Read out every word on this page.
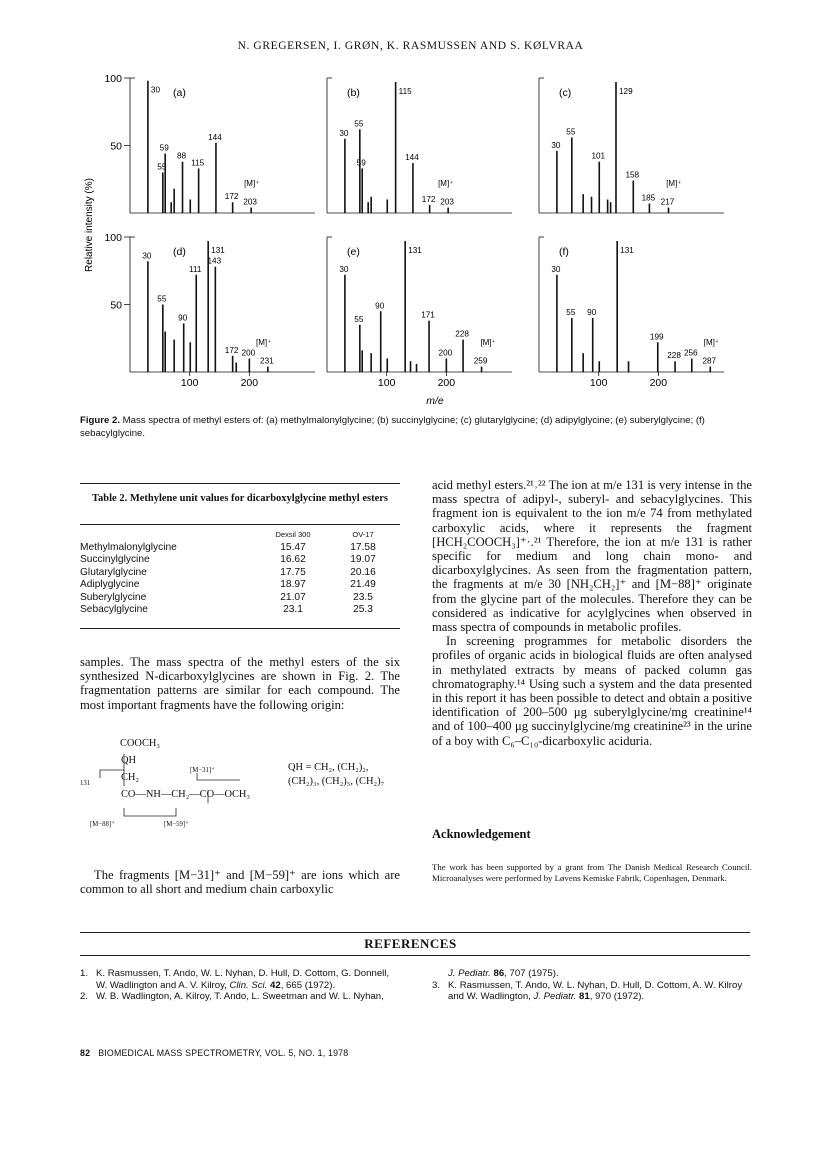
N. GREGERSEN, I. GRØN, K. RASMUSSEN AND S. KØLVRAA
Relative intensity (%)
100
50
(a)
30
55
59
88
115
144
172
203
[M]⁺
(b)
30
55
59
115
144
172 203
[M]⁺
(c)
30
55
101
129
158
185 217
[M]⁺
100
50
(d)
30
55
90
111
131
143
172 200
231
[M]⁺
100	200
(e)
30
55
90
131
171
200
228
259
[M]⁺
100	200
(f)
30
55 90
131
199
228 256
287
[M]⁺
100	200
m/e
Figure 2. Mass spectra of methyl esters of: (a) methylmalonylglycine; (b) succinylglycine; (c) glutarylglycine; (d) adipylglycine; (e) suberylglycine; (f) sebacylglycine.
Table 2. Methylene unit values for dicarboxylglycine methyl esters
	Dexsil 300	OV-17
Methylmalonylglycine	15.47	17.58
Succinylglycine	16.62	19.07
Glutarylglycine	17.75	20.16
Adiplyglycine	18.97	21.49
Suberylglycine	21.07	23.5
Sebacylglycine	23.1	25.3

samples. The mass spectra of the methyl esters of the six synthesized N-dicarboxylglycines are shown in Fig. 2. The fragmentation patterns are similar for each compound. The most important fragments have the following origin:

COOCH₃
QH
CH₂
CO—NH—CH₂—CO—OCH₃
131
[M−31]⁺
[M−88]⁺	[M−59]⁺
QH = CH₂, (CH₂)₂,
(CH₂)₃, (CH₂)₅, (CH₂)₇

The fragments [M−31]⁺ and [M−59]⁺ are ions which are common to all short and medium chain carboxylic

acid methyl esters.²¹˒²² The ion at m/e 131 is very intense in the mass spectra of adipyl-, suberyl- and sebacylglycines. This fragment ion is equivalent to the ion m/e 74 from methylated carboxylic acids, where it represents the fragment [HCH₂COOCH₃]⁺·.²¹ Therefore, the ion at m/e 131 is rather specific for medium and long chain mono- and dicarboxylglycines. As seen from the fragmentation pattern, the fragments at m/e 30 [NH₂CH₂]⁺ and [M−88]⁺ originate from the glycine part of the molecules. Therefore they can be considered as indicative for acylglycines when observed in mass spectra of compounds in metabolic profiles.

In screening programmes for metabolic disorders the profiles of organic acids in biological fluids are often analysed in methylated extracts by means of packed column gas chromatography.¹⁴ Using such a system and the data presented in this report it has been possible to detect and obtain a positive identification of 200–500 μg suberylglycine/mg creatinine¹⁴ and of 100–400 μg succinylglycine/mg creatinine²³ in the urine of a boy with C₆–C₁₀-dicarboxylic aciduria.

Acknowledgement
The work has been supported by a grant from The Danish Medical Research Council. Microanalyses were performed by Løvens Kemiske Fabrik, Copenhagen, Denmark.
REFERENCES
1. K. Rasmussen, T. Ando, W. L. Nyhan, D. Hull, D. Cottom, G. Donnell, W. Wadlington and A. V. Kilroy, Clin. Sci. 42, 665 (1972).
2. W. B. Wadlington, A. Kilroy, T. Ando, L. Sweetman and W. L. Nyhan,
J. Pediatr. 86, 707 (1975).
3. K. Rasmussen, T. Ando, W. L. Nyhan, D. Hull, D. Cottom, A. W. Kilroy and W. Wadlington, J. Pediatr. 81, 970 (1972).
82 BIOMEDICAL MASS SPECTROMETRY, VOL. 5, NO. 1, 1978
